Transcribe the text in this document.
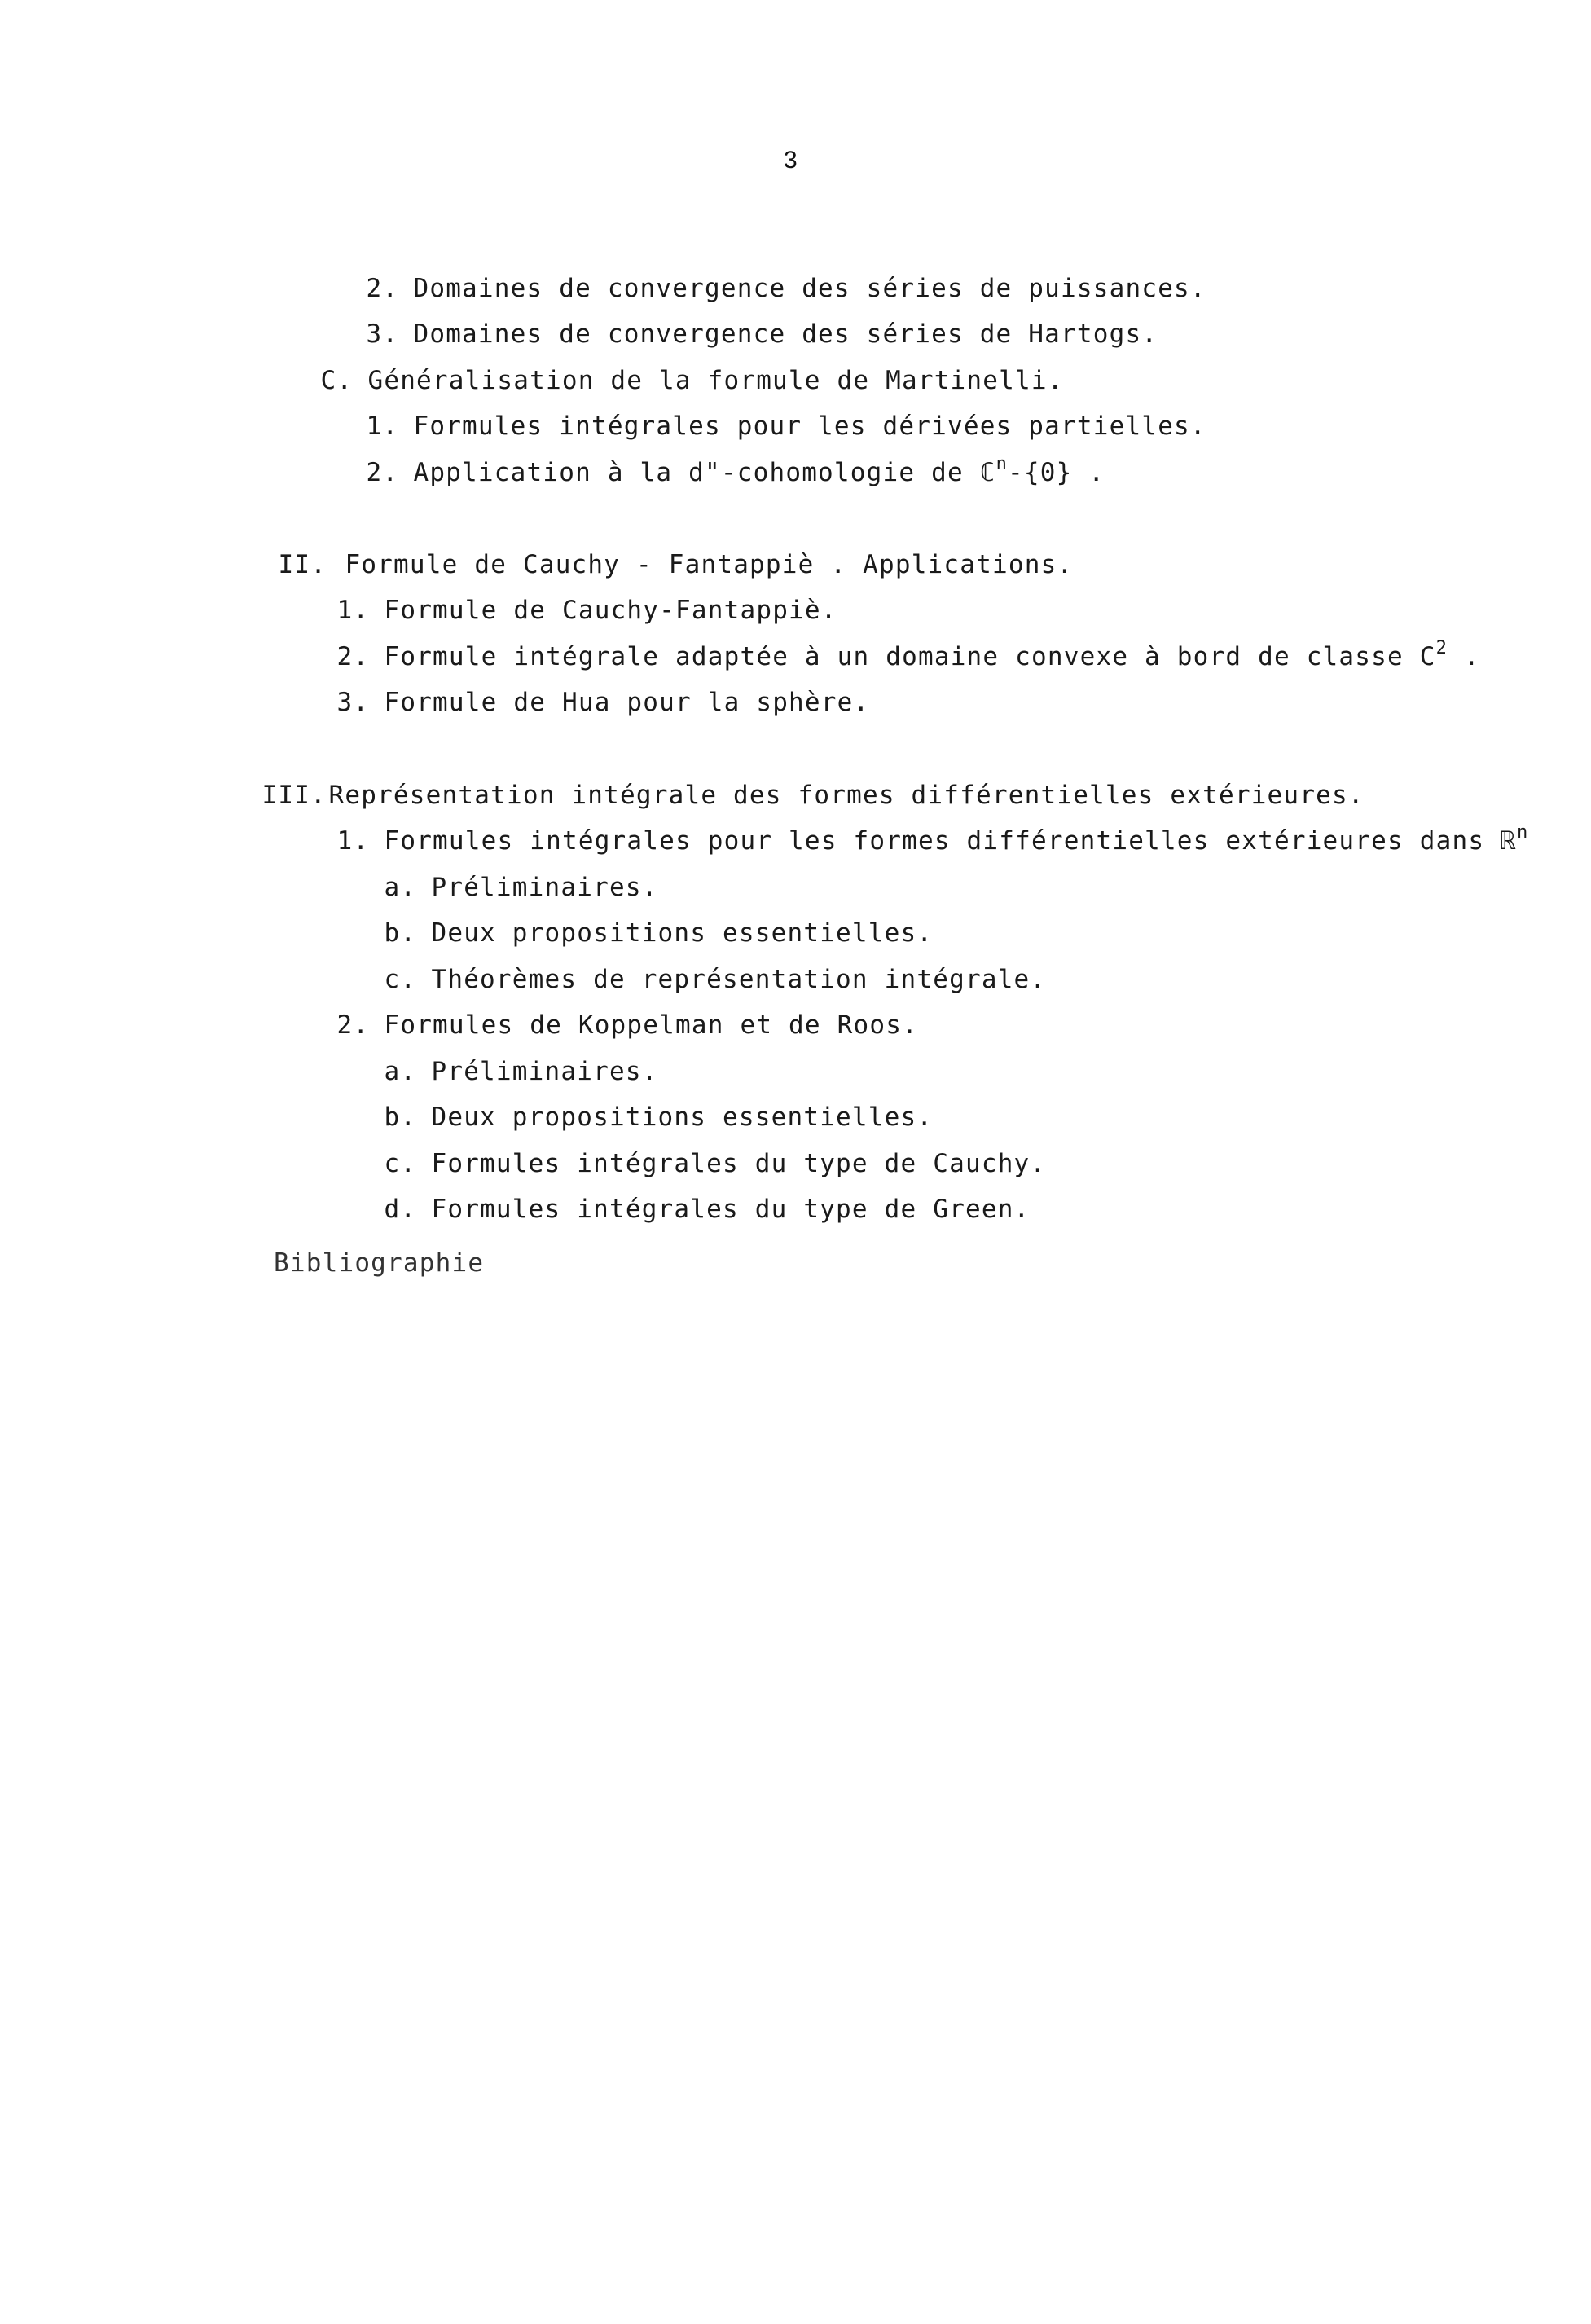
3

2. Domaines de convergence des séries de puissances.

3. Domaines de convergence des séries de Hartogs.

C. Généralisation de la formule de Martinelli.

1. Formules intégrales pour les dérivées partielles.

2. Application à la d"-cohomologie de ℂ$^n$-{0} .

II. Formule de Cauchy - Fantappiè . Applications.

1. Formule de Cauchy-Fantappiè.

2. Formule intégrale adaptée à un domaine convexe à bord de classe $C^2$ .

3. Formule de Hua pour la sphère.

III.Représentation intégrale des formes différentielles extérieures.

1. Formules intégrales pour les formes différentielles extérieures dans ℝ$^n$

a. Préliminaires.

b. Deux propositions essentielles.

c. Théorèmes de représentation intégrale.

2. Formules de Koppelman et de Roos.

a. Préliminaires.

b. Deux propositions essentielles.

c. Formules intégrales du type de Cauchy.

d. Formules intégrales du type de Green.

Bibliographie
